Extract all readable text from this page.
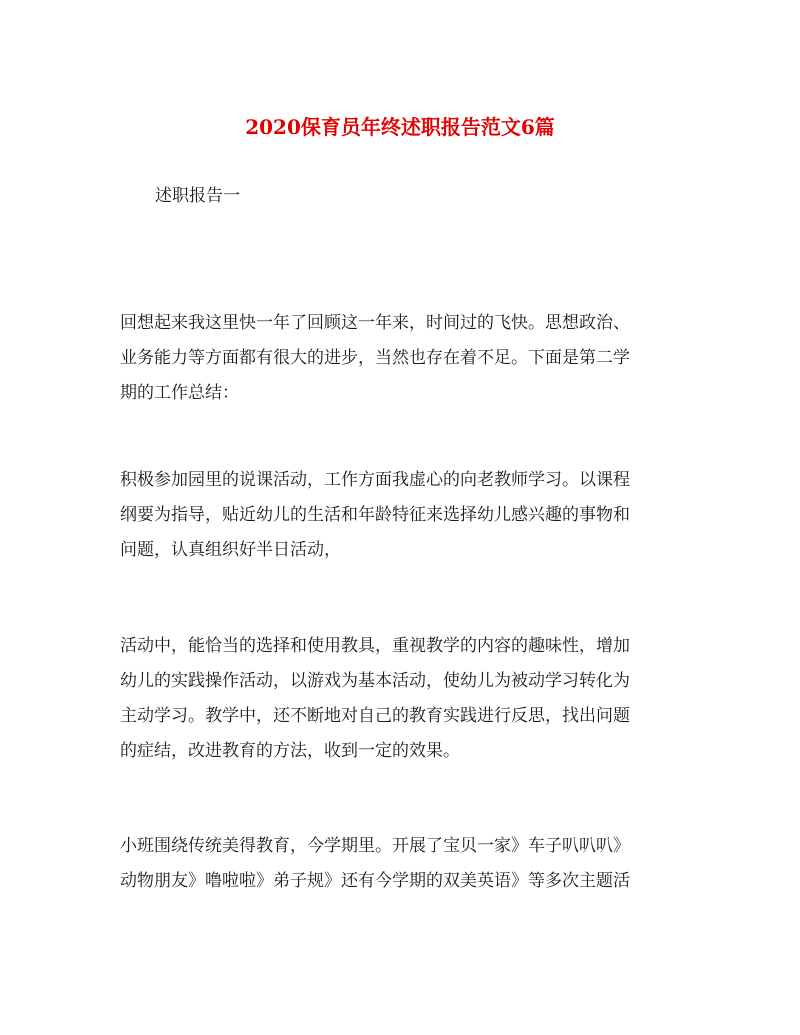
2020保育员年终述职报告范文6篇

述职报告一

回想起来我这里快一年了回顾这一年来，时间过的飞快。思想政治、
业务能力等方面都有很大的进步，当然也存在着不足。下面是第二学
期的工作总结：

积极参加园里的说课活动，工作方面我虚心的向老教师学习。以课程
纲要为指导，贴近幼儿的生活和年龄特征来选择幼儿感兴趣的事物和
问题，认真组织好半日活动，

活动中，能恰当的选择和使用教具，重视教学的内容的趣味性，增加
幼儿的实践操作活动，以游戏为基本活动，使幼儿为被动学习转化为
主动学习。教学中，还不断地对自己的教育实践进行反思，找出问题
的症结，改进教育的方法，收到一定的效果。

小班围绕传统美得教育，今学期里。开展了宝贝一家》车子叭叭叭》
动物朋友》噜啦啦》弟子规》还有今学期的双美英语》等多次主题活
